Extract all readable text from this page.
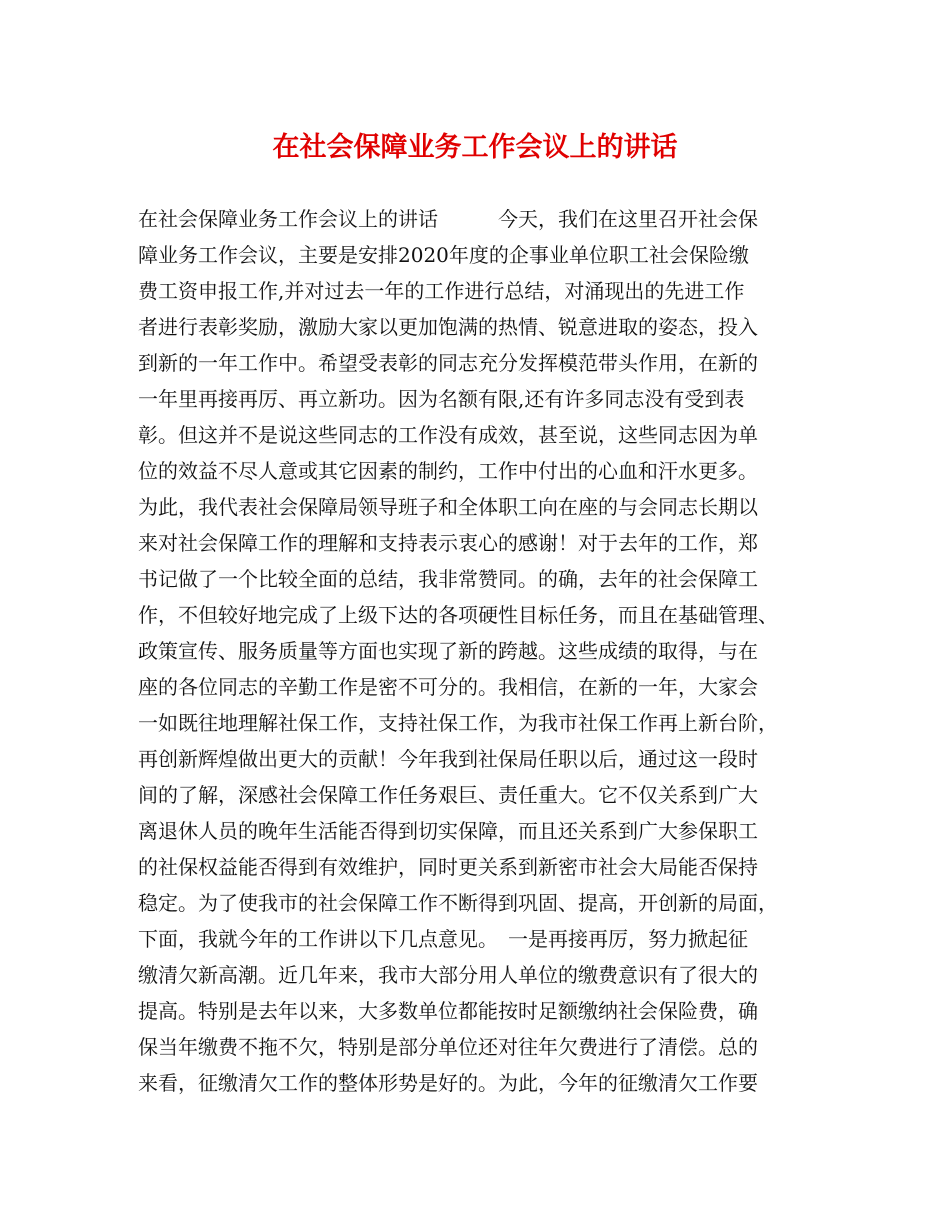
在社会保障业务工作会议上的讲话
在社会保障业务工作会议上的讲话　　　今天，我们在这里召开社会保
障业务工作会议，主要是安排2020年度的企事业单位职工社会保险缴
费工资申报工作,并对过去一年的工作进行总结，对涌现出的先进工作
者进行表彰奖励，激励大家以更加饱满的热情、锐意进取的姿态，投入
到新的一年工作中。希望受表彰的同志充分发挥模范带头作用，在新的
一年里再接再厉、再立新功。因为名额有限,还有许多同志没有受到表
彰。但这并不是说这些同志的工作没有成效，甚至说，这些同志因为单
位的效益不尽人意或其它因素的制约，工作中付出的心血和汗水更多。
为此，我代表社会保障局领导班子和全体职工向在座的与会同志长期以
来对社会保障工作的理解和支持表示衷心的感谢！对于去年的工作，郑
书记做了一个比较全面的总结，我非常赞同。的确，去年的社会保障工
作，不但较好地完成了上级下达的各项硬性目标任务，而且在基础管理、
政策宣传、服务质量等方面也实现了新的跨越。这些成绩的取得，与在
座的各位同志的辛勤工作是密不可分的。我相信，在新的一年，大家会
一如既往地理解社保工作，支持社保工作，为我市社保工作再上新台阶，
再创新辉煌做出更大的贡献！今年我到社保局任职以后，通过这一段时
间的了解，深感社会保障工作任务艰巨、责任重大。它不仅关系到广大
离退休人员的晚年生活能否得到切实保障，而且还关系到广大参保职工
的社保权益能否得到有效维护，同时更关系到新密市社会大局能否保持
稳定。为了使我市的社会保障工作不断得到巩固、提高，开创新的局面，
下面，我就今年的工作讲以下几点意见。　一是再接再厉，努力掀起征
缴清欠新高潮。近几年来，我市大部分用人单位的缴费意识有了很大的
提高。特别是去年以来，大多数单位都能按时足额缴纳社会保险费，确
保当年缴费不拖不欠，特别是部分单位还对往年欠费进行了清偿。总的
来看，征缴清欠工作的整体形势是好的。为此，今年的征缴清欠工作要
